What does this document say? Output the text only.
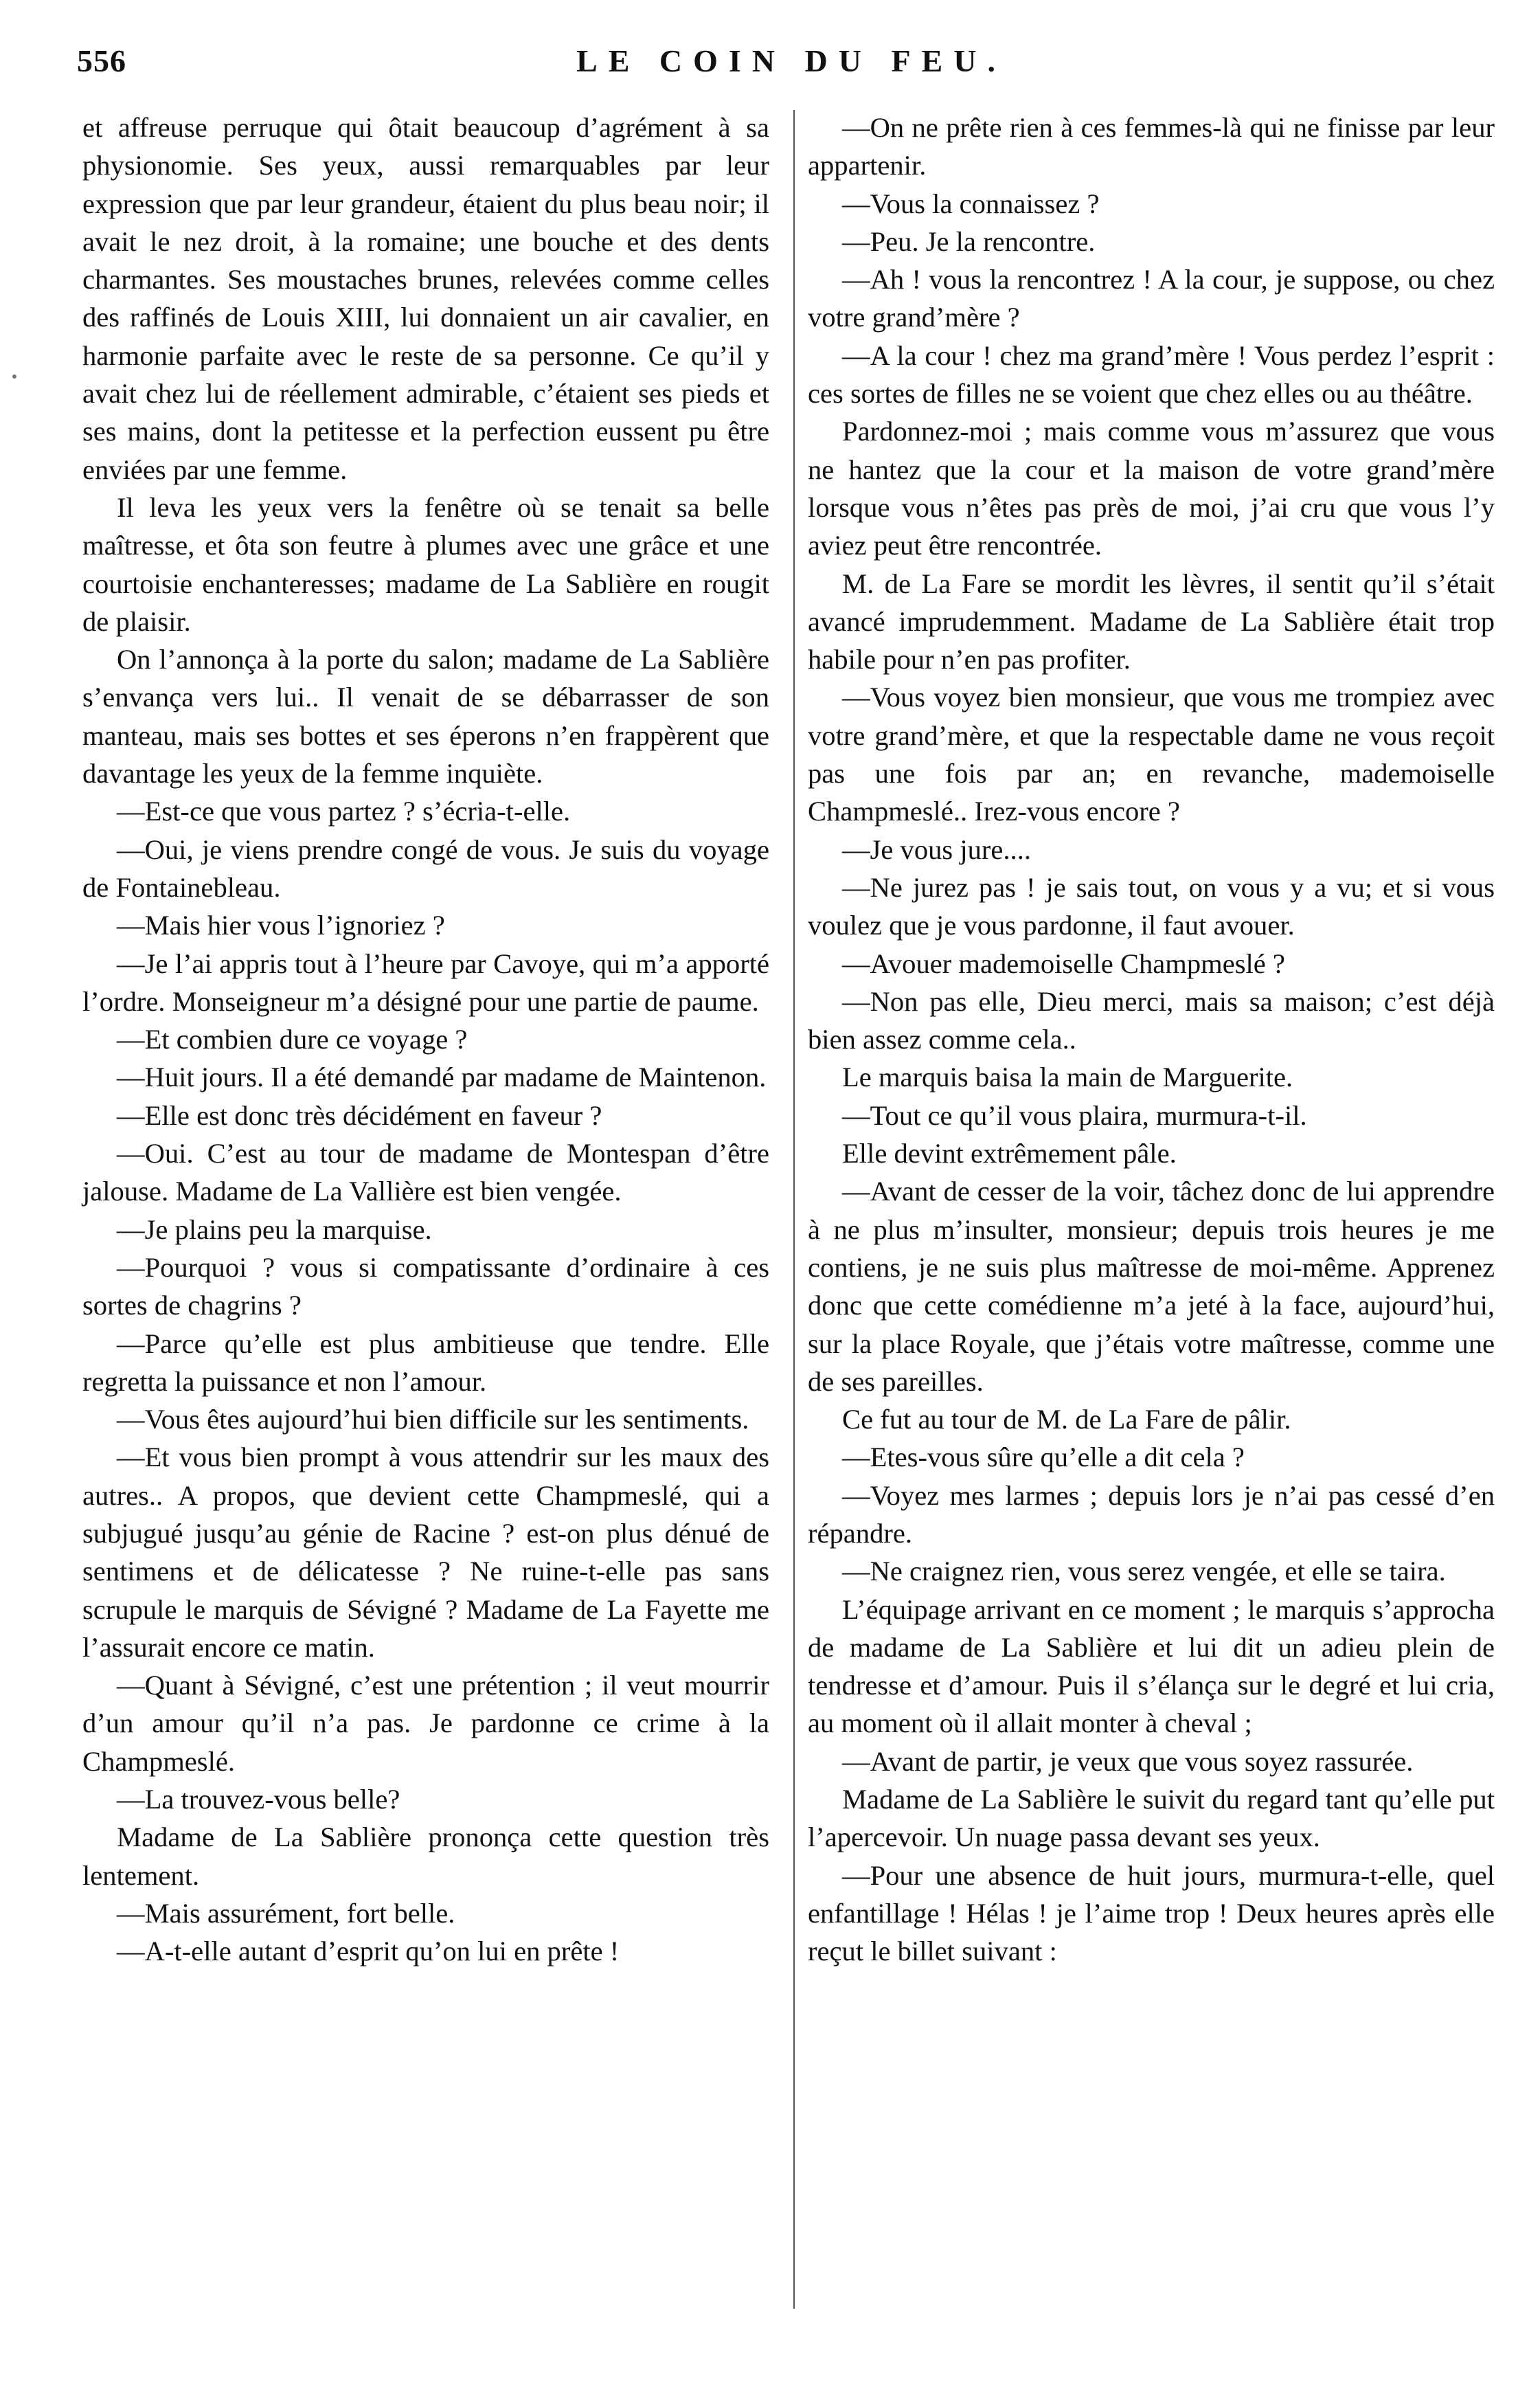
556	LE COIN DU FEU.

et affreuse perruque qui ôtait beaucoup d’agrément à sa physionomie. Ses yeux, aussi remarquables par leur expression que par leur grandeur, étaient du plus beau noir; il avait le nez droit, à la romaine; une bouche et des dents charmantes. Ses moustaches brunes, relevées comme celles des raffinés de Louis XIII, lui donnaient un air cavalier, en harmonie parfaite avec le reste de sa personne. Ce qu’il y avait chez lui de réellement admirable, c’étaient ses pieds et ses mains, dont la petitesse et la perfection eussent pu être enviées par une femme.

Il leva les yeux vers la fenêtre où se tenait sa belle maîtresse, et ôta son feutre à plumes avec une grâce et une courtoisie enchanteresses; madame de La Sablière en rougit de plaisir.

On l’annonça à la porte du salon; madame de La Sablière s’envança vers lui.. Il venait de se débarrasser de son manteau, mais ses bottes et ses éperons n’en frappèrent que davantage les yeux de la femme inquiète.

—Est-ce que vous partez ? s’écria-t-elle.

—Oui, je viens prendre congé de vous. Je suis du voyage de Fontainebleau.

—Mais hier vous l’ignoriez ?

—Je l’ai appris tout à l’heure par Cavoye, qui m’a apporté l’ordre. Monseigneur m’a désigné pour une partie de paume.

—Et combien dure ce voyage ?

—Huit jours. Il a été demandé par madame de Maintenon.

—Elle est donc très décidément en faveur ?

—Oui. C’est au tour de madame de Montespan d’être jalouse. Madame de La Vallière est bien vengée.

—Je plains peu la marquise.

—Pourquoi ? vous si compatissante d’ordinaire à ces sortes de chagrins ?

—Parce qu’elle est plus ambitieuse que tendre. Elle regretta la puissance et non l’amour.

—Vous êtes aujourd’hui bien difficile sur les sentiments.

—Et vous bien prompt à vous attendrir sur les maux des autres.. A propos, que devient cette Champmeslé, qui a subjugué jusqu’au génie de Racine ? est-on plus dénué de sentimens et de délicatesse ? Ne ruine-t-elle pas sans scrupule le marquis de Sévigné ? Madame de La Fayette me l’assurait encore ce matin.

—Quant à Sévigné, c’est une prétention ; il veut mourrir d’un amour qu’il n’a pas. Je pardonne ce crime à la Champmeslé.

—La trouvez-vous belle?

Madame de La Sablière prononça cette question très lentement.

—Mais assurément, fort belle.

—A-t-elle autant d’esprit qu’on lui en prête !

—On ne prête rien à ces femmes-là qui ne finisse par leur appartenir.

—Vous la connaissez ?

—Peu. Je la rencontre.

—Ah ! vous la rencontrez ! A la cour, je suppose, ou chez votre grand’mère ?

—A la cour ! chez ma grand’mère ! Vous perdez l’esprit : ces sortes de filles ne se voient que chez elles ou au théâtre.

Pardonnez-moi ; mais comme vous m’assurez que vous ne hantez que la cour et la maison de votre grand’mère lorsque vous n’êtes pas près de moi, j’ai cru que vous l’y aviez peut être rencontrée.

M. de La Fare se mordit les lèvres, il sentit qu’il s’était avancé imprudemment. Madame de La Sablière était trop habile pour n’en pas profiter.

—Vous voyez bien monsieur, que vous me trompiez avec votre grand’mère, et que la respectable dame ne vous reçoit pas une fois par an; en revanche, mademoiselle Champmeslé.. Irez-vous encore ?

—Je vous jure....

—Ne jurez pas ! je sais tout, on vous y a vu; et si vous voulez que je vous pardonne, il faut avouer.

—Avouer mademoiselle Champmeslé ?

—Non pas elle, Dieu merci, mais sa maison; c’est déjà bien assez comme cela..

Le marquis baisa la main de Marguerite.

—Tout ce qu’il vous plaira, murmura-t-il.

Elle devint extrêmement pâle.

—Avant de cesser de la voir, tâchez donc de lui apprendre à ne plus m’insulter, monsieur; depuis trois heures je me contiens, je ne suis plus maîtresse de moi-même. Apprenez donc que cette comédienne m’a jeté à la face, aujourd’hui, sur la place Royale, que j’étais votre maîtresse, comme une de ses pareilles.

Ce fut au tour de M. de La Fare de pâlir.

—Etes-vous sûre qu’elle a dit cela ?

—Voyez mes larmes ; depuis lors je n’ai pas cessé d’en répandre.

—Ne craignez rien, vous serez vengée, et elle se taira.

L’équipage arrivant en ce moment ; le marquis s’approcha de madame de La Sablière et lui dit un adieu plein de tendresse et d’amour. Puis il s’élança sur le degré et lui cria, au moment où il allait monter à cheval ;

—Avant de partir, je veux que vous soyez rassurée.

Madame de La Sablière le suivit du regard tant qu’elle put l’apercevoir. Un nuage passa devant ses yeux.

—Pour une absence de huit jours, murmura-t-elle, quel enfantillage ! Hélas ! je l’aime trop ! Deux heures après elle reçut le billet suivant :
